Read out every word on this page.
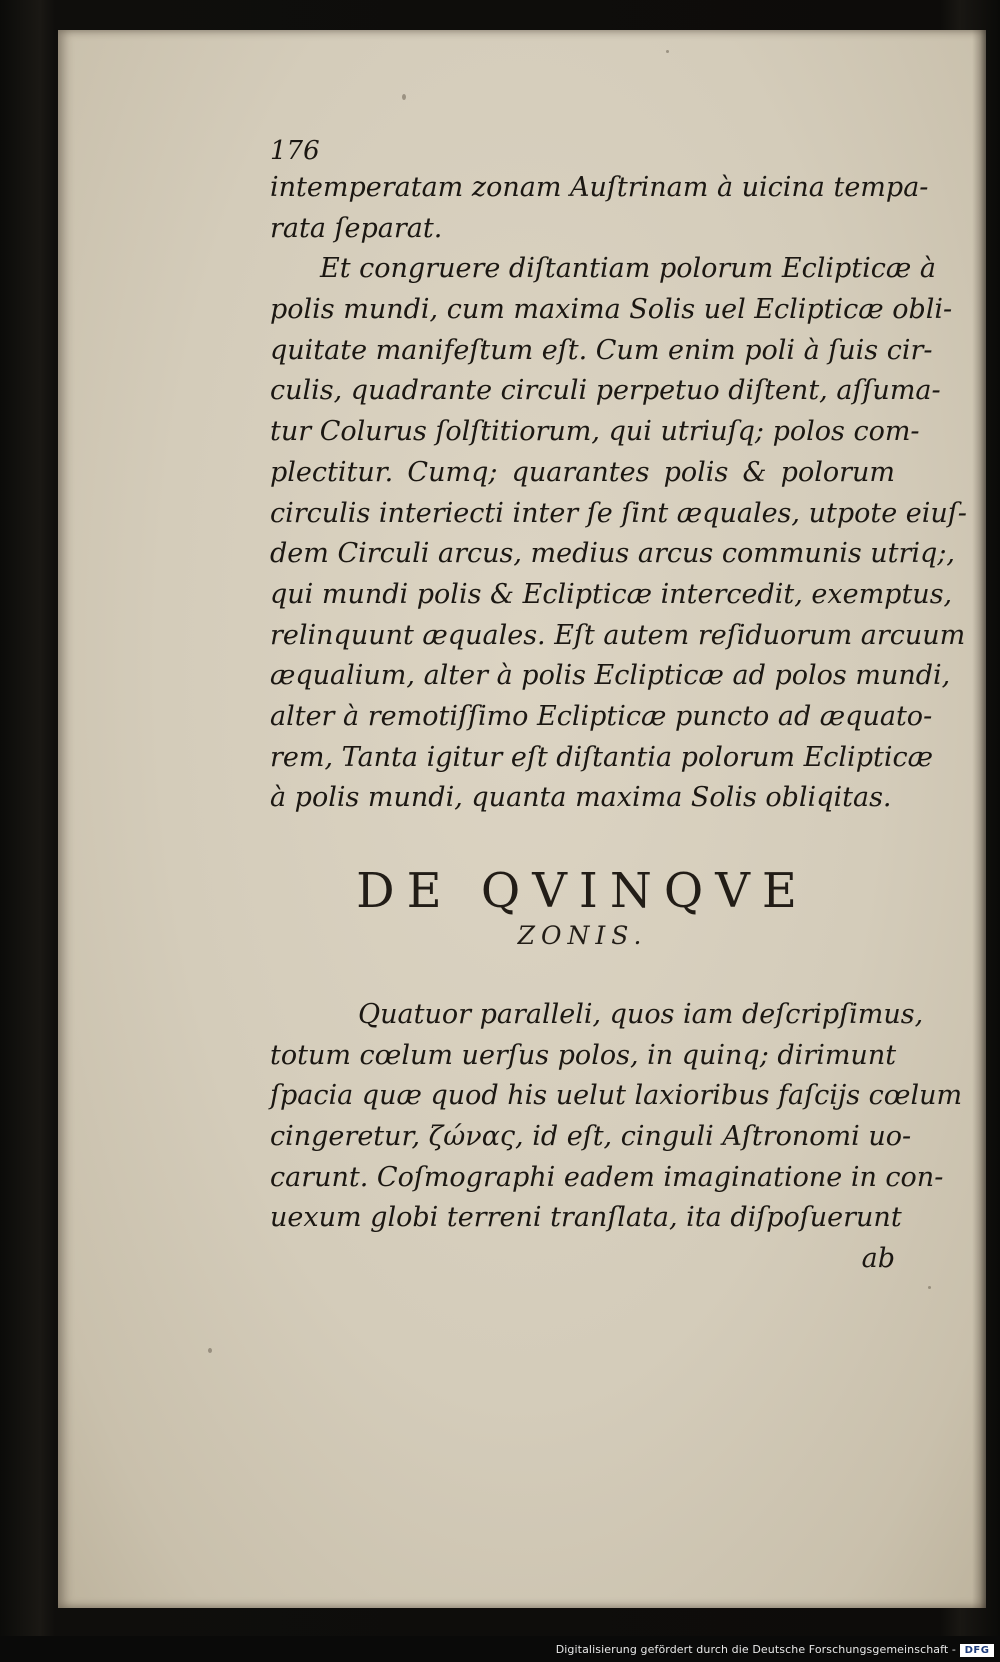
176
intemperatam zonam Auſtrinam à uicina tempa-
rata ſeparat.
Et congruere diſtantiam polorum Eclipticæ à
polis mundi, cum maxima Solis uel Eclipticæ obli-
quitate manifeſtum eſt. Cum enim poli à ſuis cir-
culis, quadrante circuli perpetuo diſtent, aſſuma-
tur Colurus ſolſtitiorum, qui utriuſq; polos com-
plectitur. Cumq; quarantes polis & polorum
circulis interiecti inter ſe ſint æquales, utpote eiuſ-
dem Circuli arcus, medius arcus communis utriq;,
qui mundi polis & Eclipticæ intercedit, exemptus,
relinquunt æquales. Eſt autem reſiduorum arcuum
æqualium, alter à polis Eclipticæ ad polos mundi,
alter à remotiſſimo Eclipticæ puncto ad æquato-
rem, Tanta igitur eſt diſtantia polorum Eclipticæ
à polis mundi, quanta maxima Solis obliqitas.
DE QVINQVE
ZONIS.
Quatuor paralleli, quos iam deſcripſimus,
totum cœlum uerſus polos, in quinq; dirimunt
ſpacia quæ quod his uelut laxioribus faſcijs cœlum
cingeretur, ζώνας, id eſt, cinguli Aſtronomi uo-
carunt. Coſmographi eadem imaginatione in con-
uexum globi terreni tranſlata, ita diſpoſuerunt
ab
Digitalisierung gefördert durch die Deutsche Forschungsgemeinschaft - DFG
